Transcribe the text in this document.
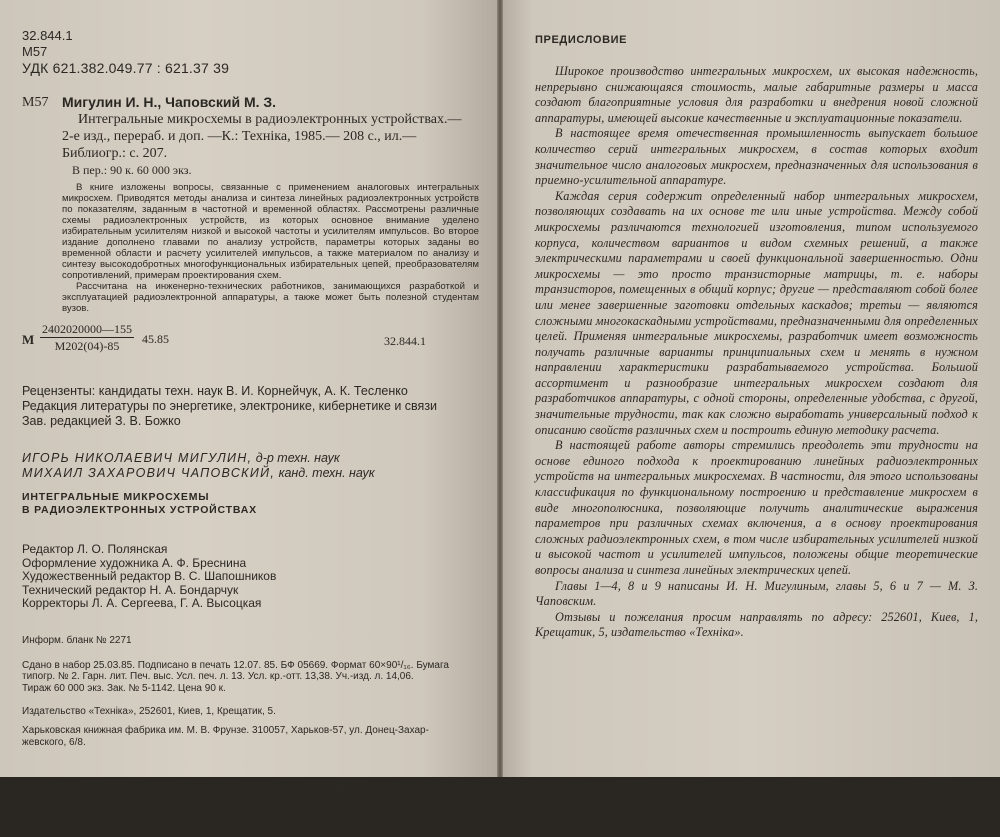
32.844.1
М57
УДК 621.382.049.77 : 621.37 39
М57 Мигулин И. Н., Чаповский М. З.
Интегральные микросхемы в радиоэлектронных устройствах.—
2-е изд., перераб. и доп. —К.: Техніка, 1985.— 208 с., ил.—
Библиогр.: с. 207.
В пер.: 90 к. 60 000 экз.

В книге изложены вопросы, связанные с применением аналоговых интегральных микросхем. Приводятся методы анализа и синтеза линейных радиоэлектронных устройств по показателям, заданным в частотной и временной областях. Рассмотрены различные схемы радиоэлектронных устройств, из которых основное внимание уделено избирательным усилителям низкой и высокой частоты и усилителям импульсов. Во второе издание дополнено главами по анализу устройств, параметры которых заданы во временной области и расчету усилителей импульсов, а также материалом по анализу и синтезу высокодобротных многофункциональных избирательных цепей, преобразователям сопротивлений, примерам проектирования схем.

Рассчитана на инженерно-технических работников, занимающихся разработкой и эксплуатацией радиоэлектронной аппаратуры, а также может быть полезной студентам вузов.

М
2402020000—155
М202(04)-85	45.85	32.844.1
Рецензенты: кандидаты техн. наук В. И. Корнейчук, А. К. Тесленко
Редакция литературы по энергетике, электронике, кибернетике и связи
Зав. редакцией З. В. Божко
ИГОРЬ НИКОЛАЕВИЧ МИГУЛИН, д-р техн. наук
МИХАИЛ ЗАХАРОВИЧ ЧАПОВСКИЙ, канд. техн. наук
ИНТЕГРАЛЬНЫЕ МИКРОСХЕМЫ
В РАДИОЭЛЕКТРОННЫХ УСТРОЙСТВАХ
Редактор Л. О. Полянская
Оформление художника А. Ф. Бреснина
Художественный редактор В. С. Шапошников
Технический редактор Н. А. Бондарчук
Корректоры Л. А. Сергеева, Г. А. Высоцкая
Информ. бланк № 2271
Сдано в набор 25.03.85. Подписано в печать 12.07. 85. БФ 05669. Формат 60×90¹/₁₆. Бумага
типогр. № 2. Гарн. лит. Печ. выс. Усл. печ. л. 13. Усл. кр.-отт. 13,38. Уч.-изд. л. 14,06.
Тираж 60 000 экз. Зак. № 5-1142. Цена 90 к.
Издательство «Техніка», 252601, Киев, 1, Крещатик, 5.
Харьковская книжная фабрика им. М. В. Фрунзе. 310057, Харьков-57, ул. Донец-Захар-
жевского, 6/8.
C Издательство «Техника», 1978
C Издательство «Техніка», 1985, с изме-
нениями
ПРЕДИСЛОВИЕ

Широкое производство интегральных микросхем, их высокая надежность, непрерывно снижающаяся стоимость, малые габаритные размеры и масса создают благоприятные условия для разработки и внедрения новой сложной аппаратуры, имеющей высокие качественные и эксплуатационные показатели.

В настоящее время отечественная промышленность выпускает большое количество серий интегральных микросхем, в состав которых входит значительное число аналоговых микросхем, предназначенных для использования в приемно-усилительной аппаратуре.

Каждая серия содержит определенный набор интегральных микросхем, позволяющих создавать на их основе те или иные устройства. Между собой микросхемы различаются технологией изготовления, типом используемого корпуса, количеством вариантов и видом схемных решений, а также электрическими параметрами и своей функциональной завершенностью. Одни микросхемы — это просто транзисторные матрицы, т. е. наборы транзисторов, помещенных в общий корпус; другие — представляют собой более или менее завершенные заготовки отдельных каскадов; третьи — являются сложными многокаскадными устройствами, предназначенными для определенных целей. Применяя интегральные микросхемы, разработчик имеет возможность получать различные варианты принципиальных схем и менять в нужном направлении характеристики разрабатываемого устройства. Большой ассортимент и разнообразие интегральных микросхем создают для разработчиков аппаратуры, с одной стороны, определенные удобства, с другой, значительные трудности, так как сложно выработать универсальный подход к описанию свойств различных схем и построить единую методику расчета.

В настоящей работе авторы стремились преодолеть эти трудности на основе единого подхода к проектированию линейных радиоэлектронных устройств на интегральных микросхемах. В частности, для этого использованы классификация по функциональному построению и представление микросхем в виде многополюсника, позволяющие получить аналитические выражения параметров при различных схемах включения, а в основу проектирования сложных радиоэлектронных схем, в том числе избирательных усилителей низкой и высокой частот и усилителей импульсов, положены общие теоретические вопросы анализа и синтеза линейных электрических цепей.

Главы 1—4, 8 и 9 написаны И. Н. Мигулиным, главы 5, 6 и 7 — М. З. Чаповским.

Отзывы и пожелания просим направлять по адресу: 252601, Киев, 1, Крещатик, 5, издательство «Техніка».
